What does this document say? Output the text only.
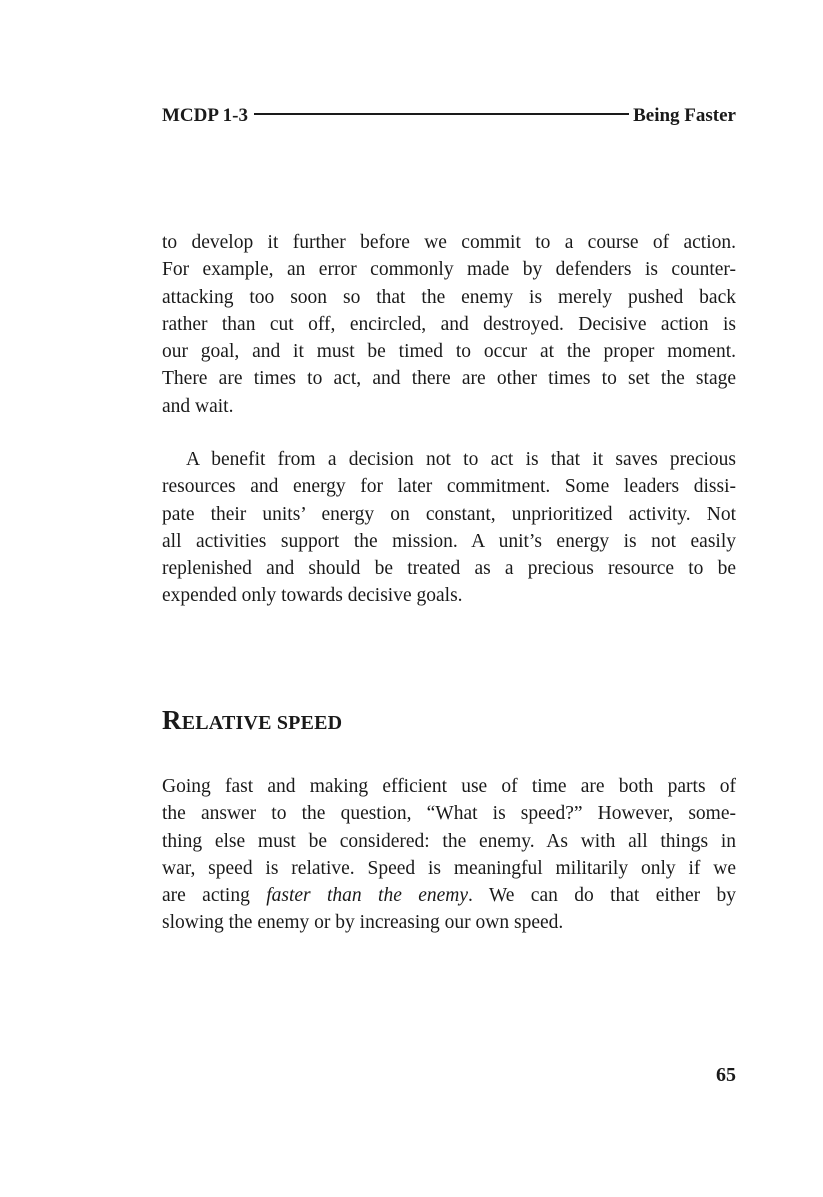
MCDP 1-3	Being Faster

to develop it further before we commit to a course of action.
For example, an error commonly made by defenders is counter-
attacking too soon so that the enemy is merely pushed back
rather than cut off, encircled, and destroyed. Decisive action is
our goal, and it must be timed to occur at the proper moment.
There are times to act, and there are other times to set the stage
and wait.

A benefit from a decision not to act is that it saves precious
resources and energy for later commitment. Some leaders dissi-
pate their units’ energy on constant, unprioritized activity. Not
all activities support the mission. A unit’s energy is not easily
replenished and should be treated as a precious resource to be
expended only towards decisive goals.

RELATIVE SPEED

Going fast and making efficient use of time are both parts of
the answer to the question, “What is speed?” However, some-
thing else must be considered: the enemy. As with all things in
war, speed is relative. Speed is meaningful militarily only if we
are acting faster than the enemy. We can do that either by
slowing the enemy or by increasing our own speed.

65
